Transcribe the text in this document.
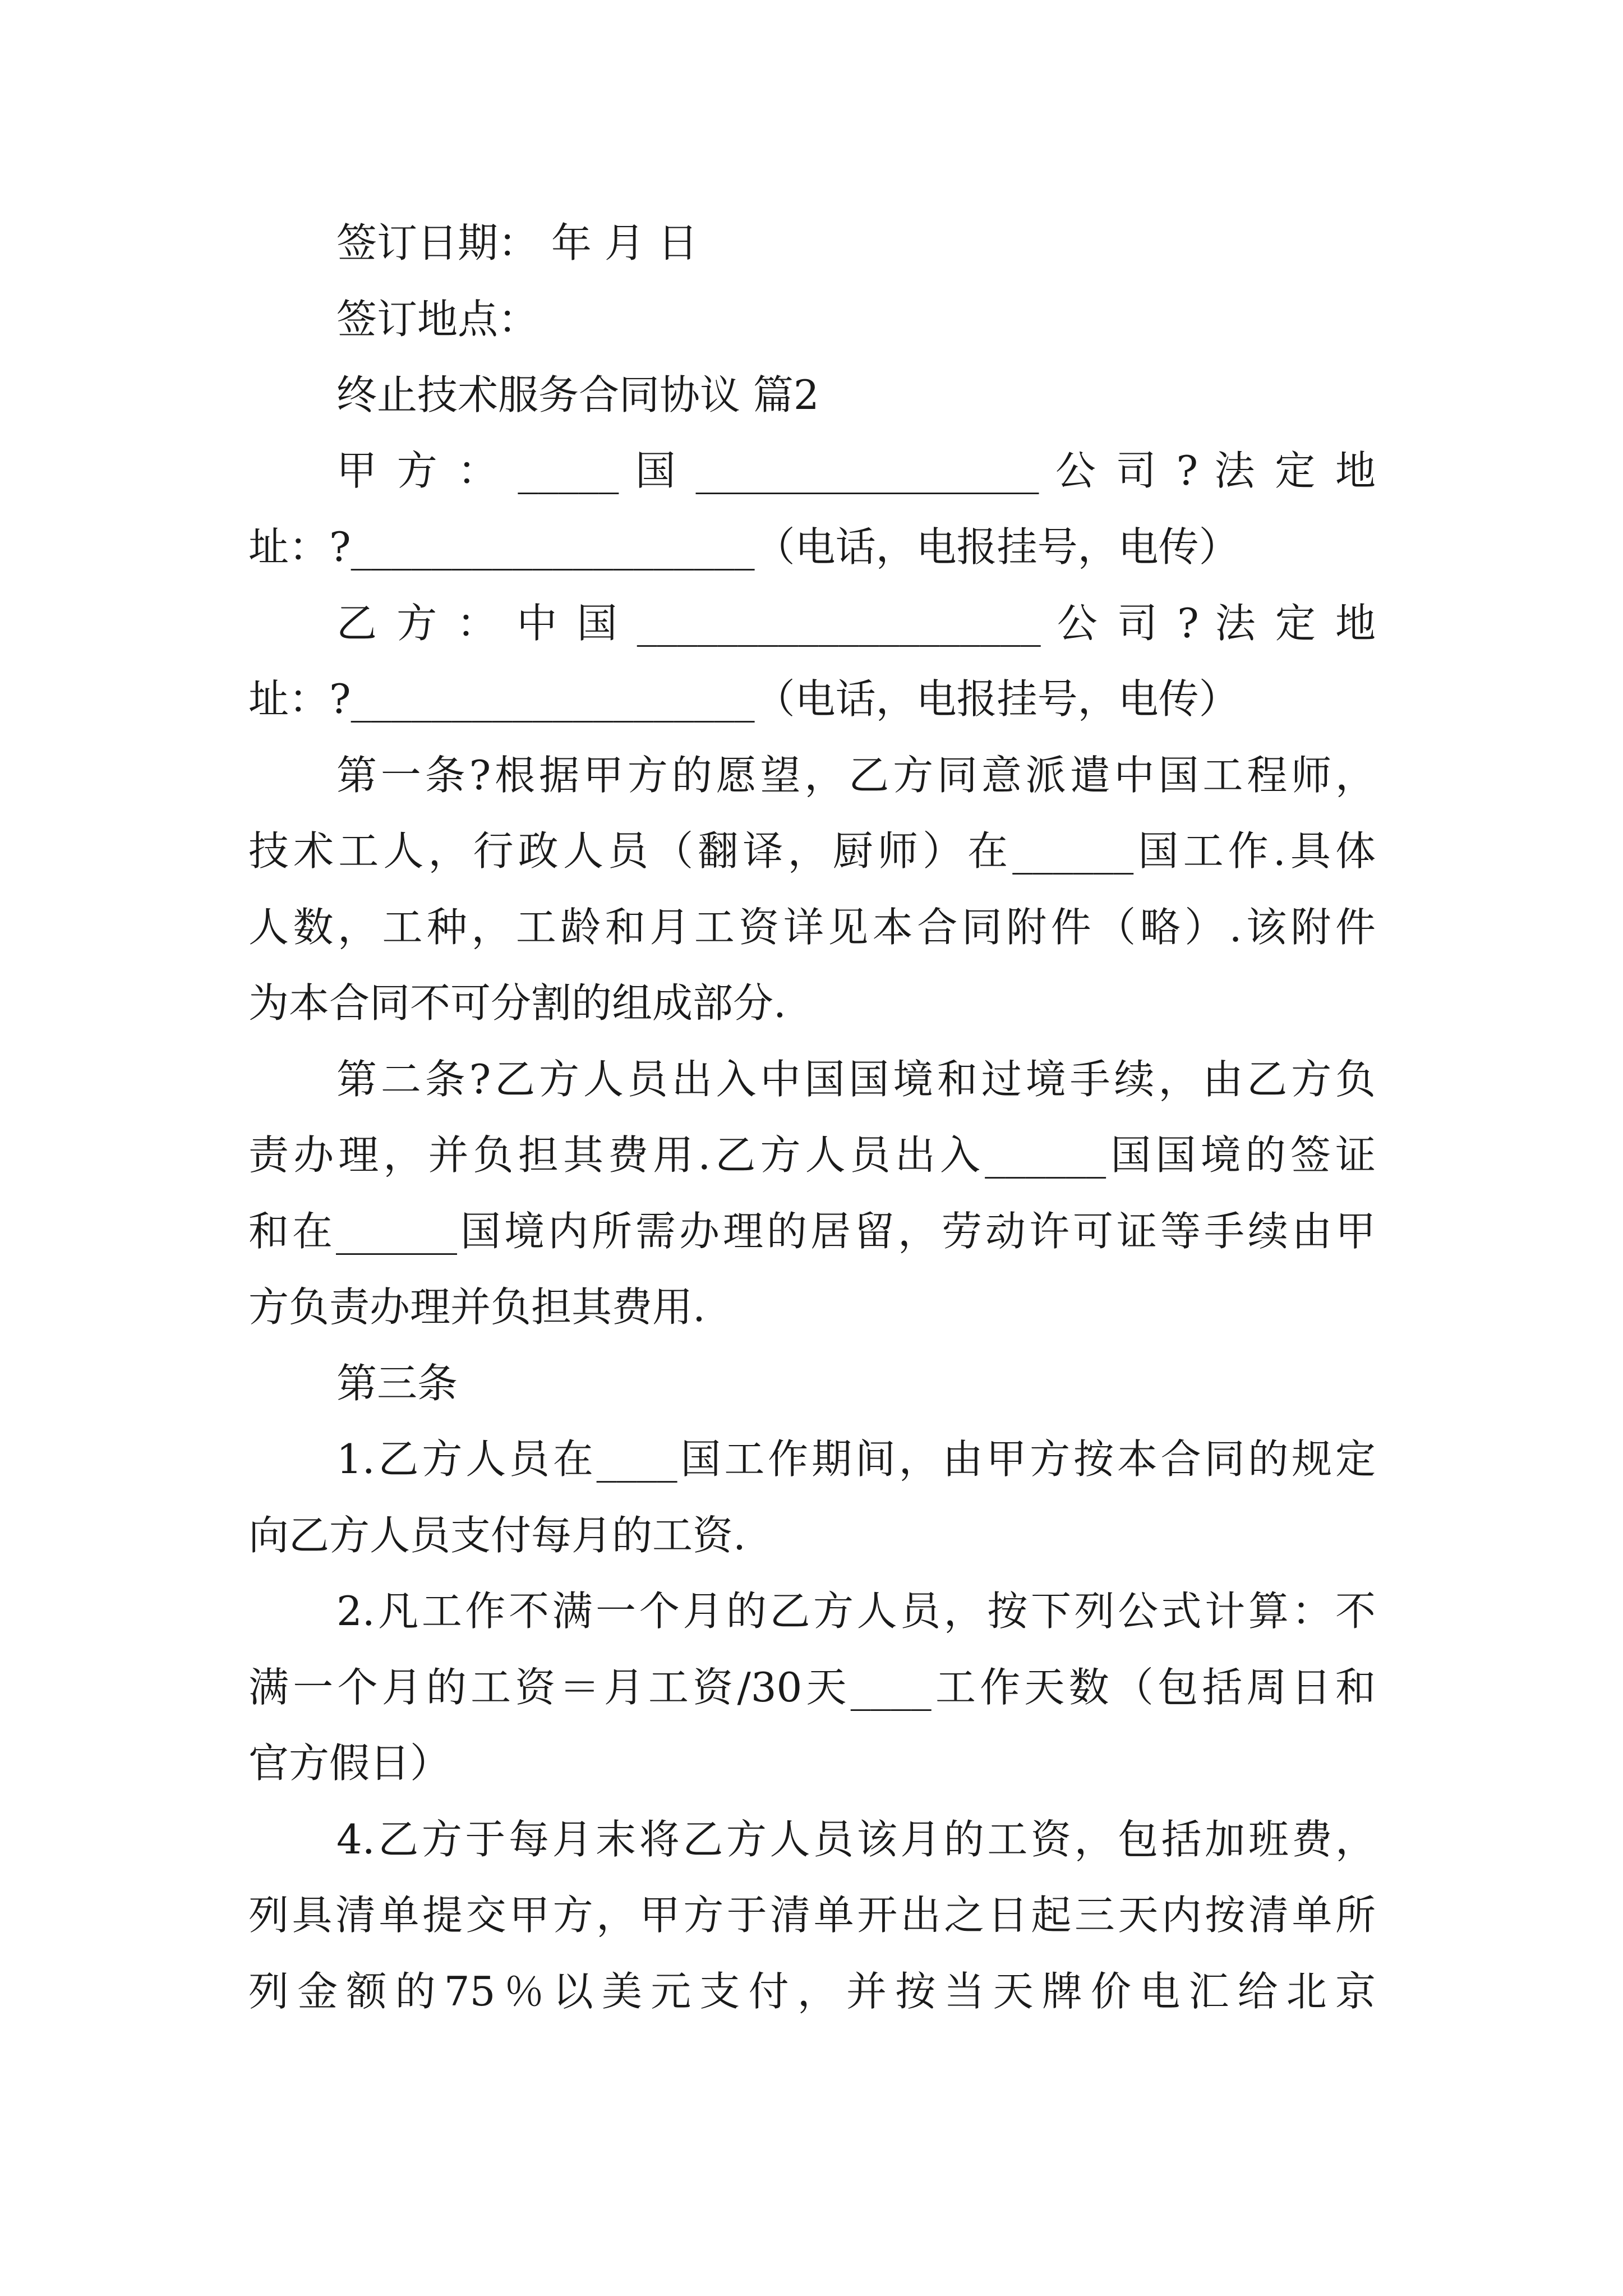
签订日期： 年 月 日

签订地点：

终止技术服务合同协议 篇2

甲 方 ： _____ 国 _________________ 公 司 ? 法 定 地

址：?____________________（电话，电报挂号，电传）

乙 方 ： 中 国 ____________________ 公 司 ? 法 定 地

址：?____________________（电话，电报挂号，电传）

第一条?根据甲方的愿望，乙方同意派遣中国工程师，

技术工人，行政人员（翻译，厨师）在______国工作.具体

人数，工种，工龄和月工资详见本合同附件（略）.该附件

为本合同不可分割的组成部分.

第二条?乙方人员出入中国国境和过境手续，由乙方负

责办理，并负担其费用.乙方人员出入______国国境的签证

和在______国境内所需办理的居留，劳动许可证等手续由甲

方负责办理并负担其费用.

第三条

1.乙方人员在____国工作期间，由甲方按本合同的规定

向乙方人员支付每月的工资.

2.凡工作不满一个月的乙方人员，按下列公式计算：不

满一个月的工资＝月工资/30天____工作天数（包括周日和

官方假日）

4.乙方于每月末将乙方人员该月的工资，包括加班费，

列具清单提交甲方，甲方于清单开出之日起三天内按清单所

列金额的75％以美元支付，并按当天牌价电汇给北京
